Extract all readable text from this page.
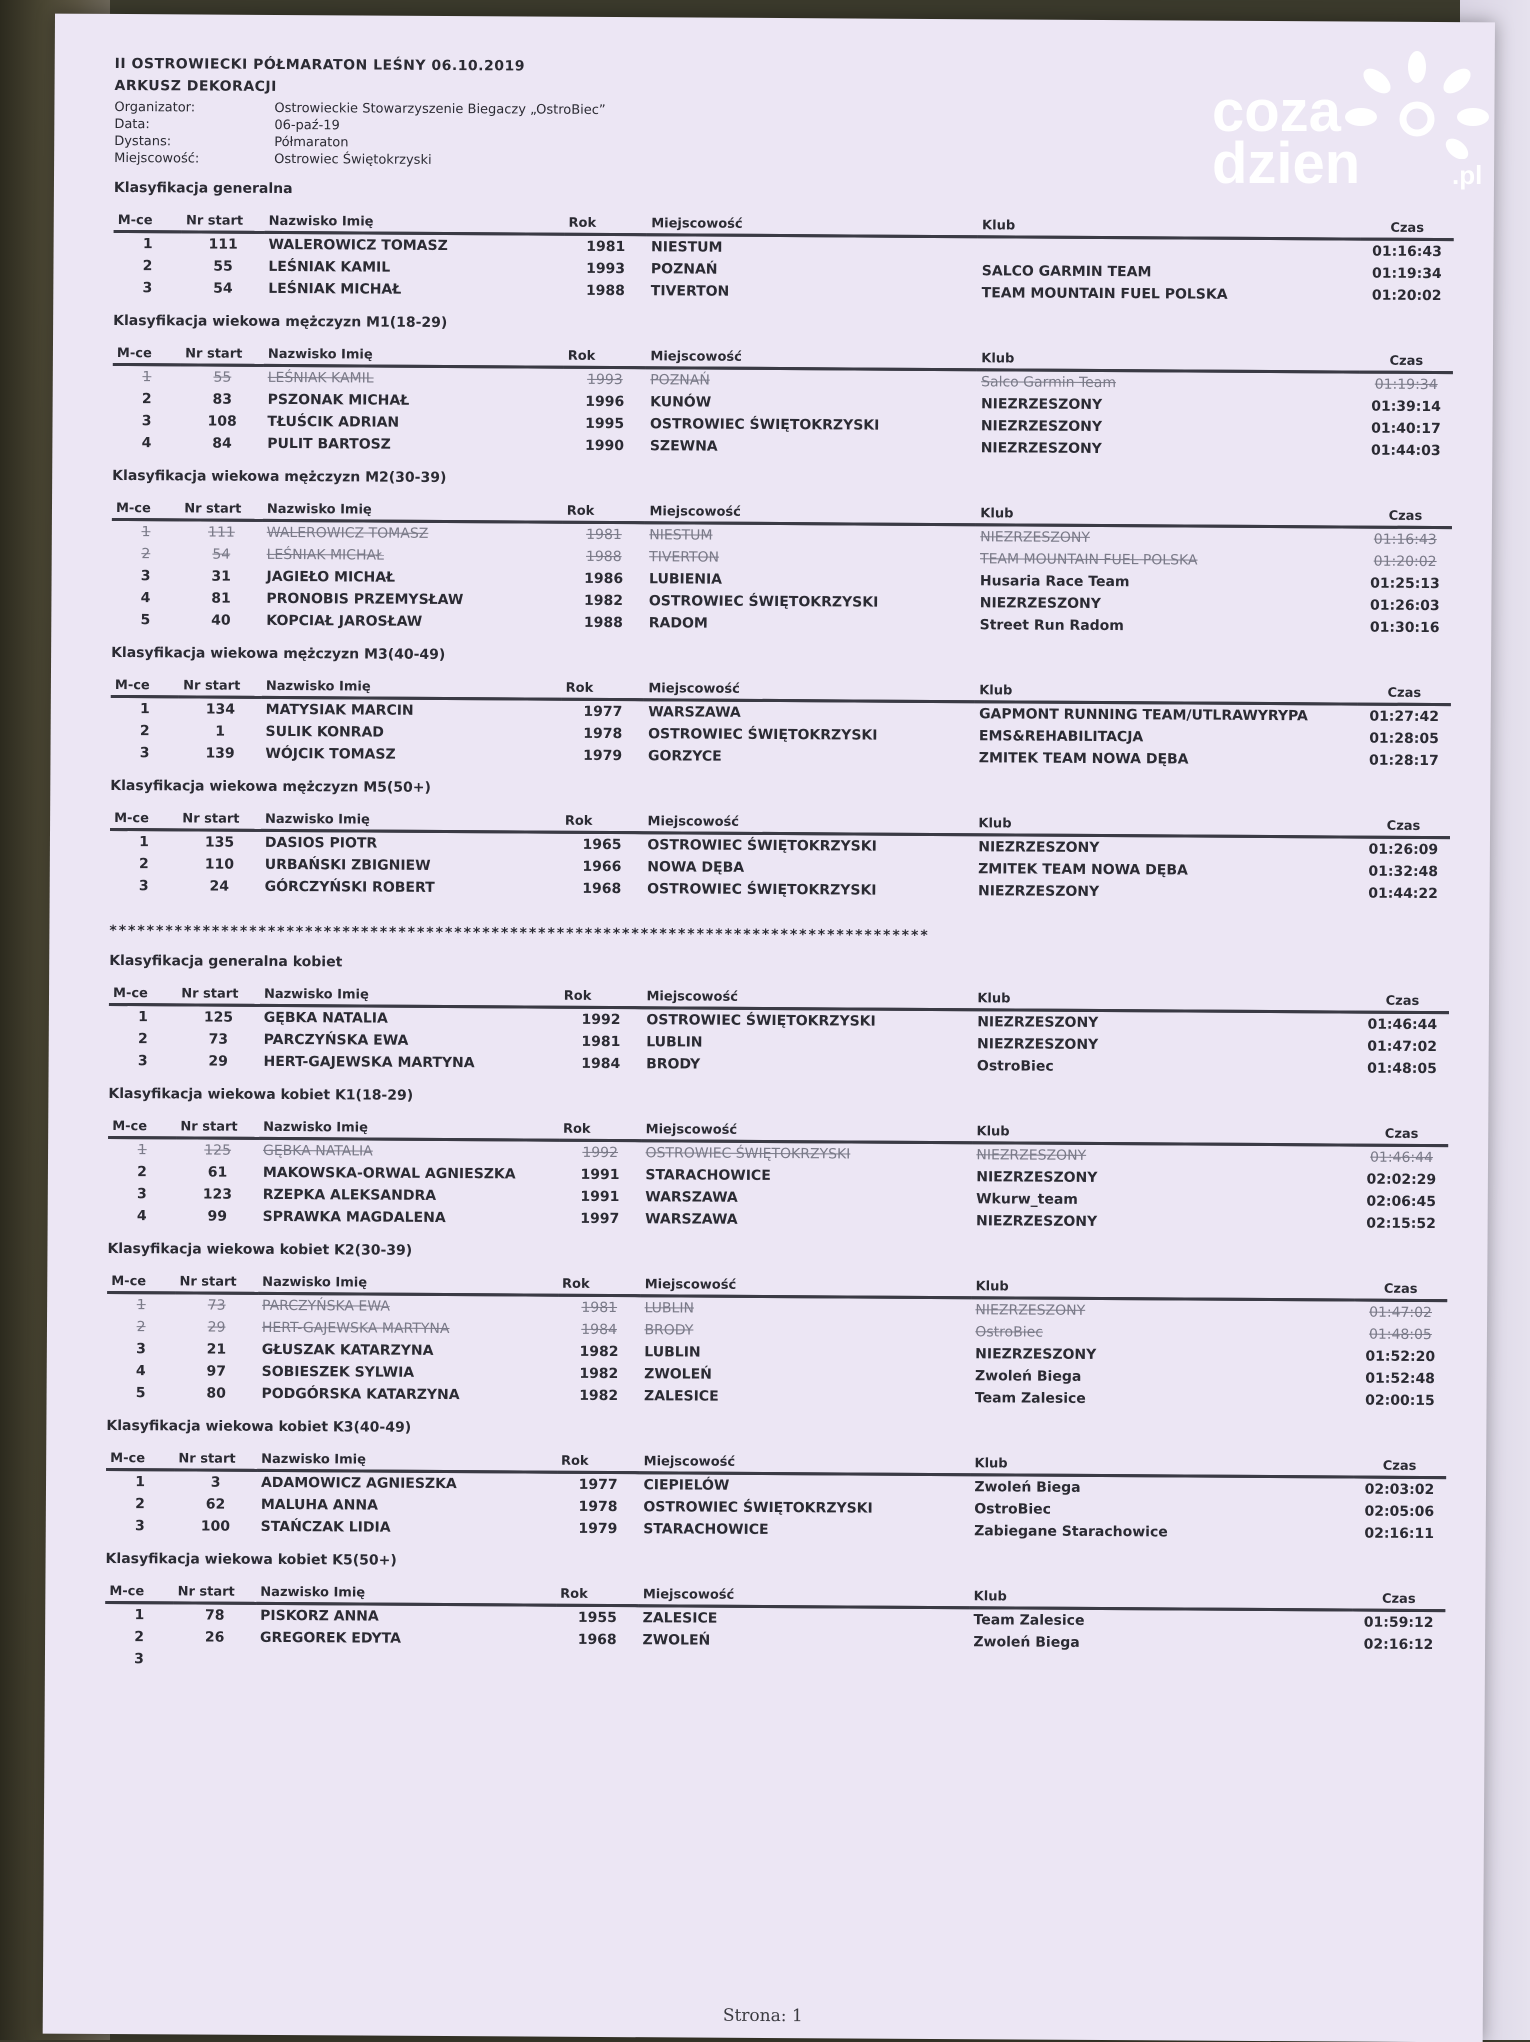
II OSTROWIECKI PÓŁMARATON LEŚNY 06.10.2019
ARKUSZ DEKORACJI
Organizator:	Ostrowieckie Stowarzyszenie Biegaczy „OstroBiec”
Data:	06-paź-19
Dystans:	Półmaraton
Miejscowość:	Ostrowiec Świętokrzyski
Klasyfikacja generalna
M-ce	Nr start	Nazwisko Imię	Rok	Miejscowość	Klub	Czas
1	111	WALEROWICZ TOMASZ	1981	NIESTUM		01:16:43
2	55	LEŚNIAK KAMIL	1993	POZNAŃ	SALCO GARMIN TEAM	01:19:34
3	54	LEŚNIAK MICHAŁ	1988	TIVERTON	TEAM MOUNTAIN FUEL POLSKA	01:20:02
Klasyfikacja wiekowa mężczyzn M1(18-29)
M-ce	Nr start	Nazwisko Imię	Rok	Miejscowość	Klub	Czas
1	55	LEŚNIAK KAMIL	1993	POZNAŃ	Salco Garmin Team	01:19:34
2	83	PSZONAK MICHAŁ	1996	KUNÓW	NIEZRZESZONY	01:39:14
3	108	TŁUŚCIK ADRIAN	1995	OSTROWIEC ŚWIĘTOKRZYSKI	NIEZRZESZONY	01:40:17
4	84	PULIT BARTOSZ	1990	SZEWNA	NIEZRZESZONY	01:44:03
Klasyfikacja wiekowa mężczyzn M2(30-39)
M-ce	Nr start	Nazwisko Imię	Rok	Miejscowość	Klub	Czas
1	111	WALEROWICZ TOMASZ	1981	NIESTUM	NIEZRZESZONY	01:16:43
2	54	LEŚNIAK MICHAŁ	1988	TIVERTON	TEAM MOUNTAIN FUEL POLSKA	01:20:02
3	31	JAGIEŁO MICHAŁ	1986	LUBIENIA	Husaria Race Team	01:25:13
4	81	PRONOBIS PRZEMYSŁAW	1982	OSTROWIEC ŚWIĘTOKRZYSKI	NIEZRZESZONY	01:26:03
5	40	KOPCIAŁ JAROSŁAW	1988	RADOM	Street Run Radom	01:30:16
Klasyfikacja wiekowa mężczyzn M3(40-49)
M-ce	Nr start	Nazwisko Imię	Rok	Miejscowość	Klub	Czas
1	134	MATYSIAK MARCIN	1977	WARSZAWA	GAPMONT RUNNING TEAM/UTLRAWYRYPA	01:27:42
2	1	SULIK KONRAD	1978	OSTROWIEC ŚWIĘTOKRZYSKI	EMS&REHABILITACJA	01:28:05
3	139	WÓJCIK TOMASZ	1979	GORZYCE	ZMITEK TEAM NOWA DĘBA	01:28:17
Klasyfikacja wiekowa mężczyzn M5(50+)
M-ce	Nr start	Nazwisko Imię	Rok	Miejscowość	Klub	Czas
1	135	DASIOS PIOTR	1965	OSTROWIEC ŚWIĘTOKRZYSKI	NIEZRZESZONY	01:26:09
2	110	URBAŃSKI ZBIGNIEW	1966	NOWA DĘBA	ZMITEK TEAM NOWA DĘBA	01:32:48
3	24	GÓRCZYŃSKI ROBERT	1968	OSTROWIEC ŚWIĘTOKRZYSKI	NIEZRZESZONY	01:44:22
****************************************************************************************
Klasyfikacja generalna kobiet
M-ce	Nr start	Nazwisko Imię	Rok	Miejscowość	Klub	Czas
1	125	GĘBKA NATALIA	1992	OSTROWIEC ŚWIĘTOKRZYSKI	NIEZRZESZONY	01:46:44
2	73	PARCZYŃSKA EWA	1981	LUBLIN	NIEZRZESZONY	01:47:02
3	29	HERT-GAJEWSKA MARTYNA	1984	BRODY	OstroBiec	01:48:05
Klasyfikacja wiekowa kobiet K1(18-29)
M-ce	Nr start	Nazwisko Imię	Rok	Miejscowość	Klub	Czas
1	125	GĘBKA NATALIA	1992	OSTROWIEC ŚWIĘTOKRZYSKI	NIEZRZESZONY	01:46:44
2	61	MAKOWSKA-ORWAL AGNIESZKA	1991	STARACHOWICE	NIEZRZESZONY	02:02:29
3	123	RZEPKA ALEKSANDRA	1991	WARSZAWA	Wkurw_team	02:06:45
4	99	SPRAWKA MAGDALENA	1997	WARSZAWA	NIEZRZESZONY	02:15:52
Klasyfikacja wiekowa kobiet K2(30-39)
M-ce	Nr start	Nazwisko Imię	Rok	Miejscowość	Klub	Czas
1	73	PARCZYŃSKA EWA	1981	LUBLIN	NIEZRZESZONY	01:47:02
2	29	HERT-GAJEWSKA MARTYNA	1984	BRODY	OstroBiec	01:48:05
3	21	GŁUSZAK KATARZYNA	1982	LUBLIN	NIEZRZESZONY	01:52:20
4	97	SOBIESZEK SYLWIA	1982	ZWOLEŃ	Zwoleń Biega	01:52:48
5	80	PODGÓRSKA KATARZYNA	1982	ZALESICE	Team Zalesice	02:00:15
Klasyfikacja wiekowa kobiet K3(40-49)
M-ce	Nr start	Nazwisko Imię	Rok	Miejscowość	Klub	Czas
1	3	ADAMOWICZ AGNIESZKA	1977	CIEPIELÓW	Zwoleń Biega	02:03:02
2	62	MALUHA ANNA	1978	OSTROWIEC ŚWIĘTOKRZYSKI	OstroBiec	02:05:06
3	100	STAŃCZAK LIDIA	1979	STARACHOWICE	Zabiegane Starachowice	02:16:11
Klasyfikacja wiekowa kobiet K5(50+)
M-ce	Nr start	Nazwisko Imię	Rok	Miejscowość	Klub	Czas
1	78	PISKORZ ANNA	1955	ZALESICE	Team Zalesice	01:59:12
2	26	GREGOREK EDYTA	1968	ZWOLEŃ	Zwoleń Biega	02:16:12
3						
Strona: 1
coza
dzien	.pl
